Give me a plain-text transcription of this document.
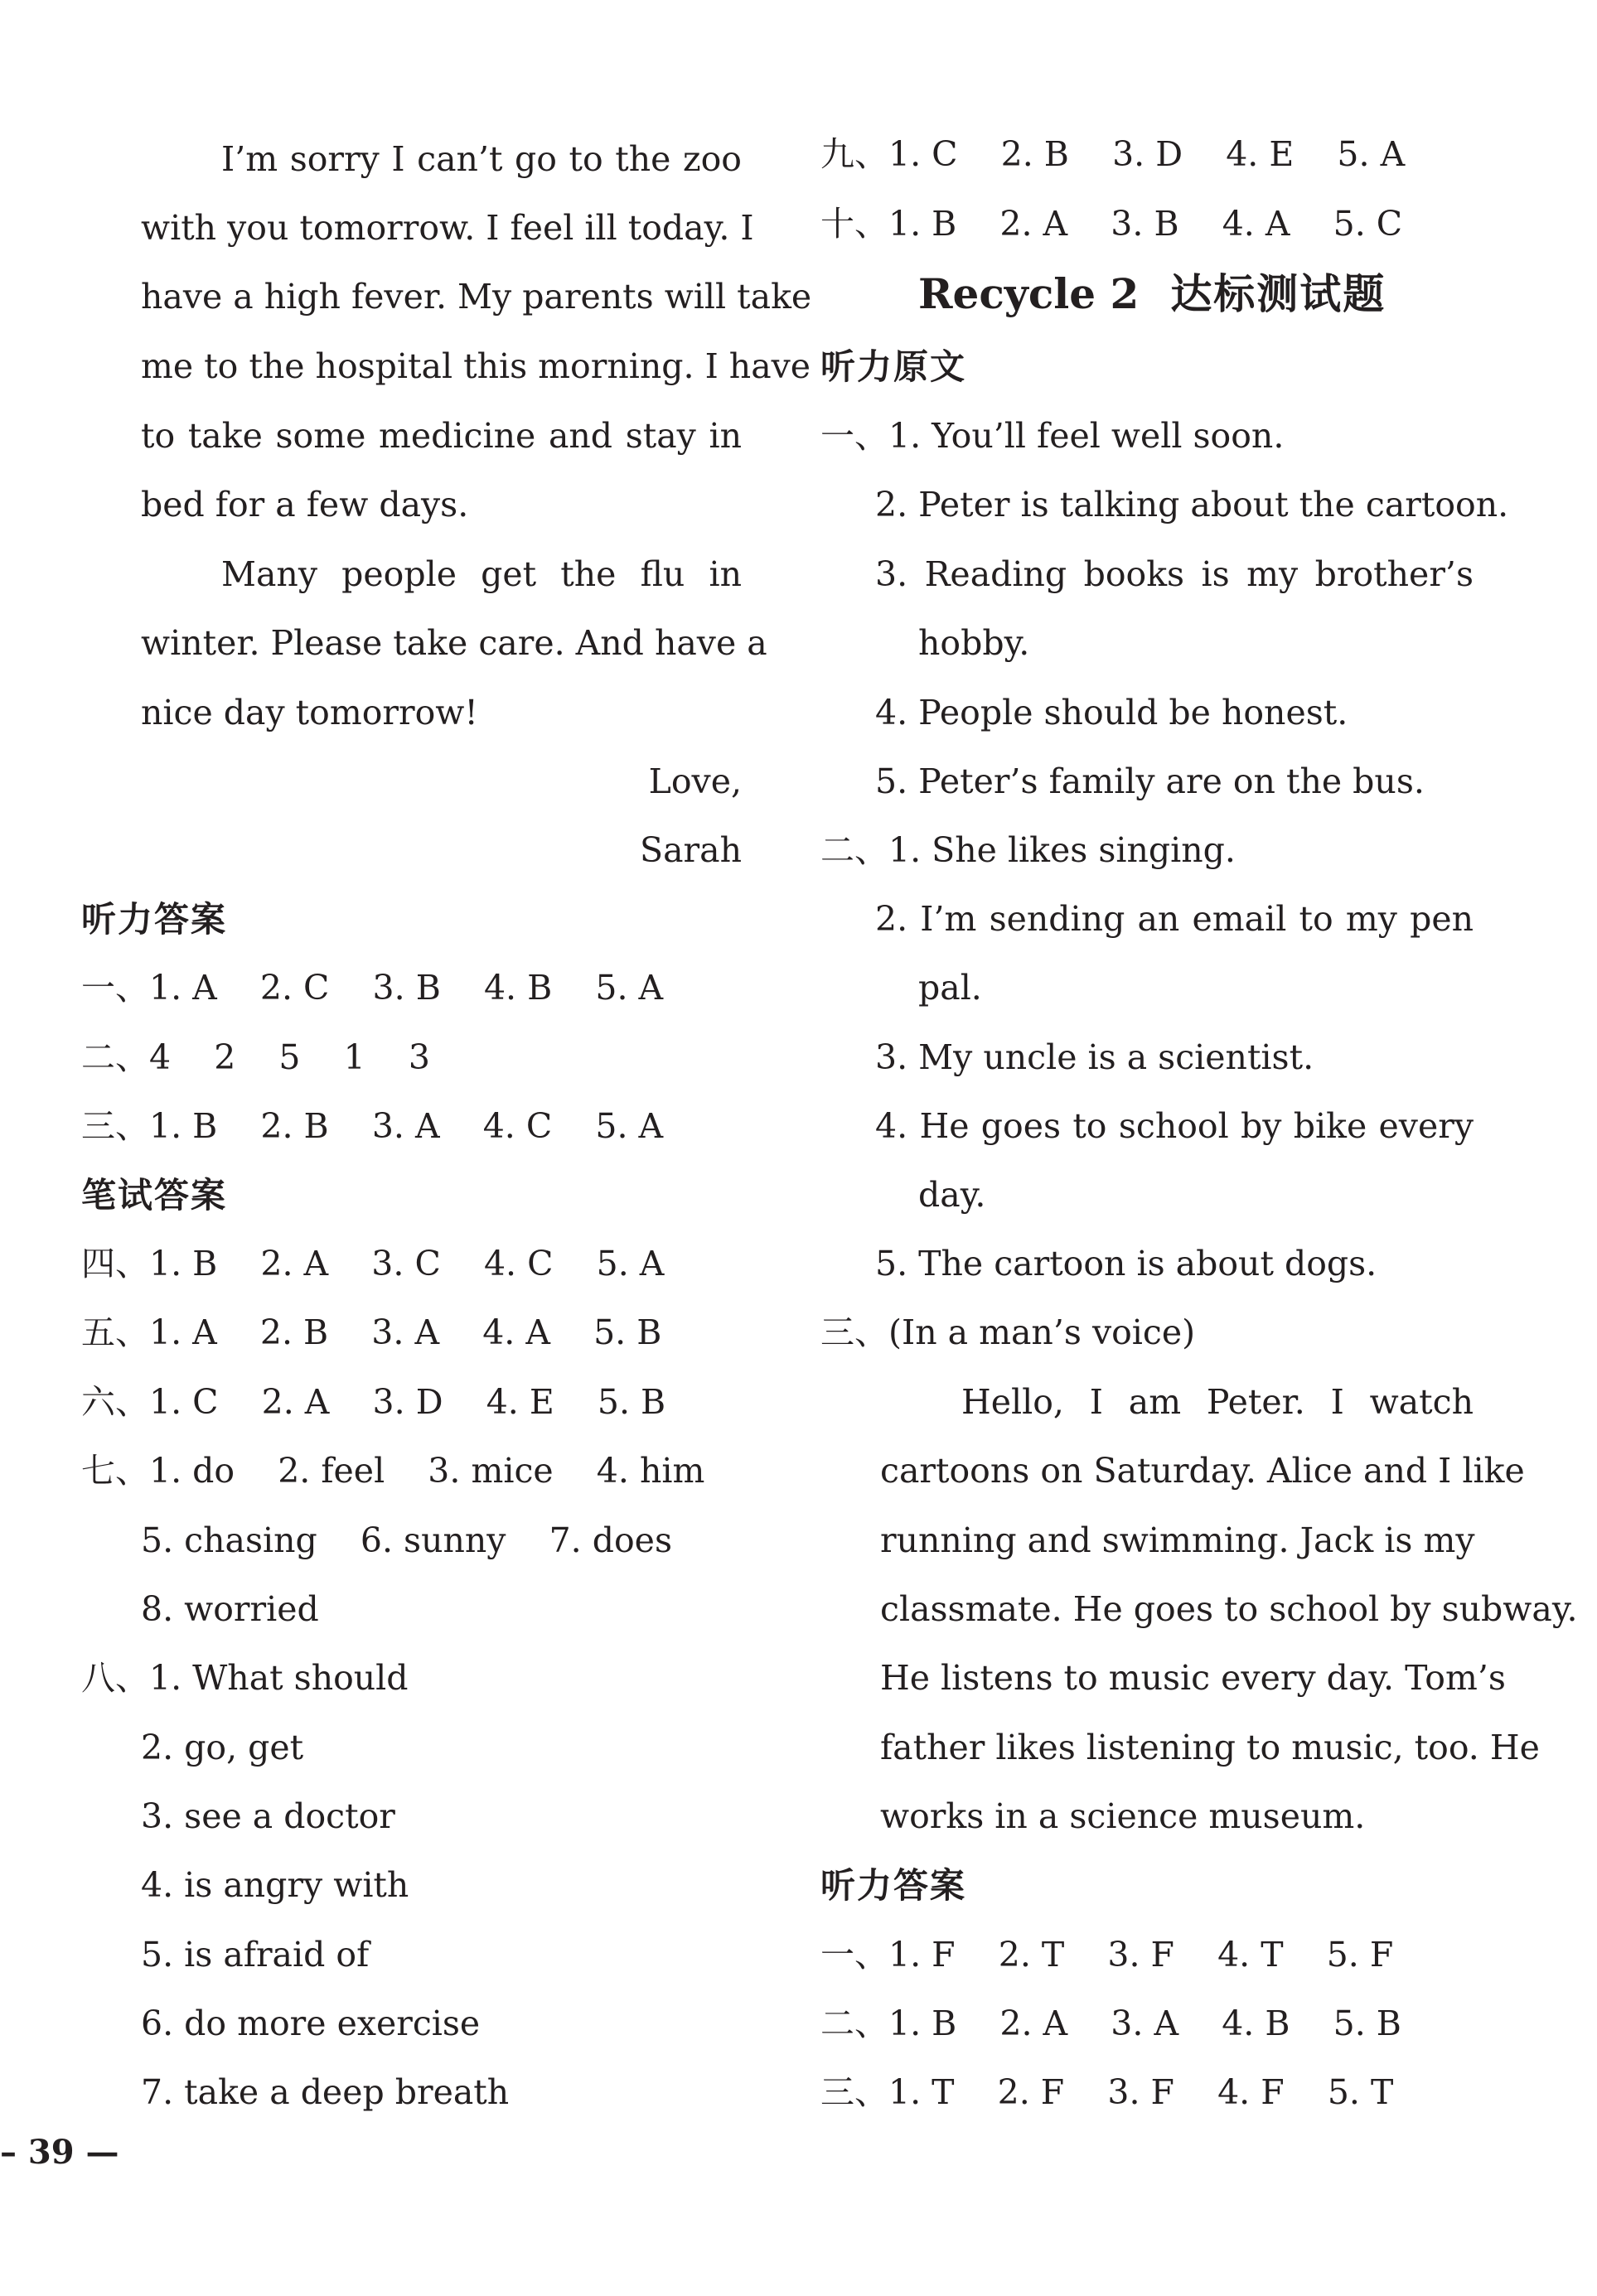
I’m sorry I can’t go to the zoo
with you tomorrow. I feel ill today. I
have a high fever. My parents will take
me to the hospital this morning. I have
to take some medicine and stay in
bed for a few days.
Many people get the flu in
winter. Please take care. And have a
nice day tomorrow!
Love,
Sarah
听力答案
一、1. A    2. C    3. B    4. B    5. A
二、4    2    5    1    3
三、1. B    2. B    3. A    4. C    5. A
笔试答案
四、1. B    2. A    3. C    4. C    5. A
五、1. A    2. B    3. A    4. A    5. B
六、1. C    2. A    3. D    4. E    5. B
七、1. do    2. feel    3. mice    4. him
5. chasing    6. sunny    7. does
8. worried
八、1. What should
2. go, get
3. see a doctor
4. is angry with
5. is afraid of
6. do more exercise
7. take a deep breath
– 39 —
九、1. C    2. B    3. D    4. E    5. A
十、1. B    2. A    3. B    4. A    5. C
Recycle 2 达标测试题
听力原文
一、1. You’ll feel well soon.
2. Peter is talking about the cartoon.
3. Reading books is my brother’s
hobby.
4. People should be honest.
5. Peter’s family are on the bus.
二、1. She likes singing.
2. I’m sending an email to my pen
pal.
3. My uncle is a scientist.
4. He goes to school by bike every
day.
5. The cartoon is about dogs.
三、(In a man’s voice)
Hello, I am Peter. I watch
cartoons on Saturday. Alice and I like
running and swimming. Jack is my
classmate. He goes to school by subway.
He listens to music every day. Tom’s
father likes listening to music, too. He
works in a science museum.
听力答案
一、1. F    2. T    3. F    4. T    5. F
二、1. B    2. A    3. A    4. B    5. B
三、1. T    2. F    3. F    4. F    5. T
